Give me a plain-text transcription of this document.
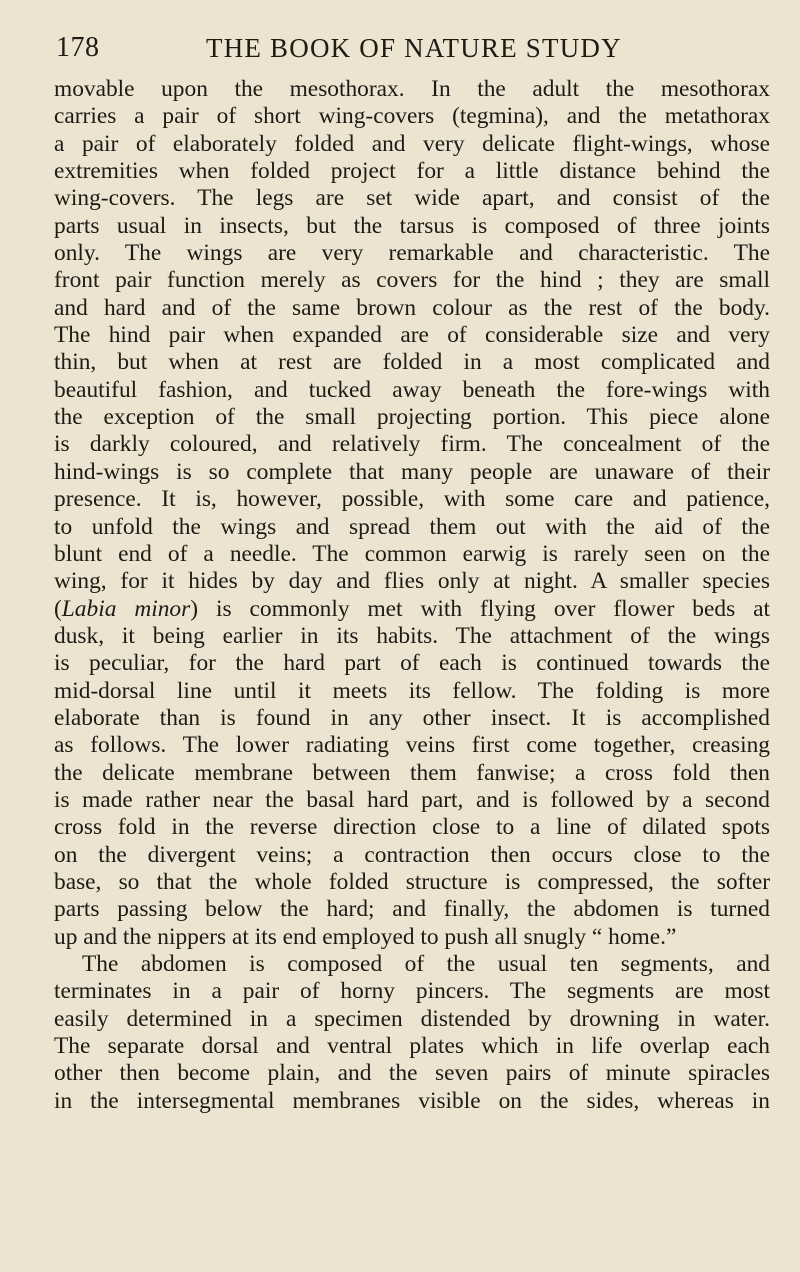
178	THE BOOK OF NATURE STUDY
movable upon the mesothorax. In the adult the mesothorax
carries a pair of short wing-covers (tegmina), and the metathorax
a pair of elaborately folded and very delicate flight-wings, whose
extremities when folded project for a little distance behind the
wing-covers. The legs are set wide apart, and consist of the
parts usual in insects, but the tarsus is composed of three joints
only. The wings are very remarkable and characteristic. The
front pair function merely as covers for the hind ; they are small
and hard and of the same brown colour as the rest of the body.
The hind pair when expanded are of considerable size and very
thin, but when at rest are folded in a most complicated and
beautiful fashion, and tucked away beneath the fore-wings with
the exception of the small projecting portion. This piece alone
is darkly coloured, and relatively firm. The concealment of the
hind-wings is so complete that many people are unaware of their
presence. It is, however, possible, with some care and patience,
to unfold the wings and spread them out with the aid of the
blunt end of a needle. The common earwig is rarely seen on the
wing, for it hides by day and flies only at night. A smaller species
(Labia minor) is commonly met with flying over flower beds at
dusk, it being earlier in its habits. The attachment of the wings
is peculiar, for the hard part of each is continued towards the
mid-dorsal line until it meets its fellow. The folding is more
elaborate than is found in any other insect. It is accomplished
as follows. The lower radiating veins first come together, creasing
the delicate membrane between them fanwise; a cross fold then
is made rather near the basal hard part, and is followed by a second
cross fold in the reverse direction close to a line of dilated spots
on the divergent veins; a contraction then occurs close to the
base, so that the whole folded structure is compressed, the softer
parts passing below the hard; and finally, the abdomen is turned
up and the nippers at its end employed to push all snugly “ home.”
The abdomen is composed of the usual ten segments, and
terminates in a pair of horny pincers. The segments are most
easily determined in a specimen distended by drowning in water.
The separate dorsal and ventral plates which in life overlap each
other then become plain, and the seven pairs of minute spiracles
in the intersegmental membranes visible on the sides, whereas in
